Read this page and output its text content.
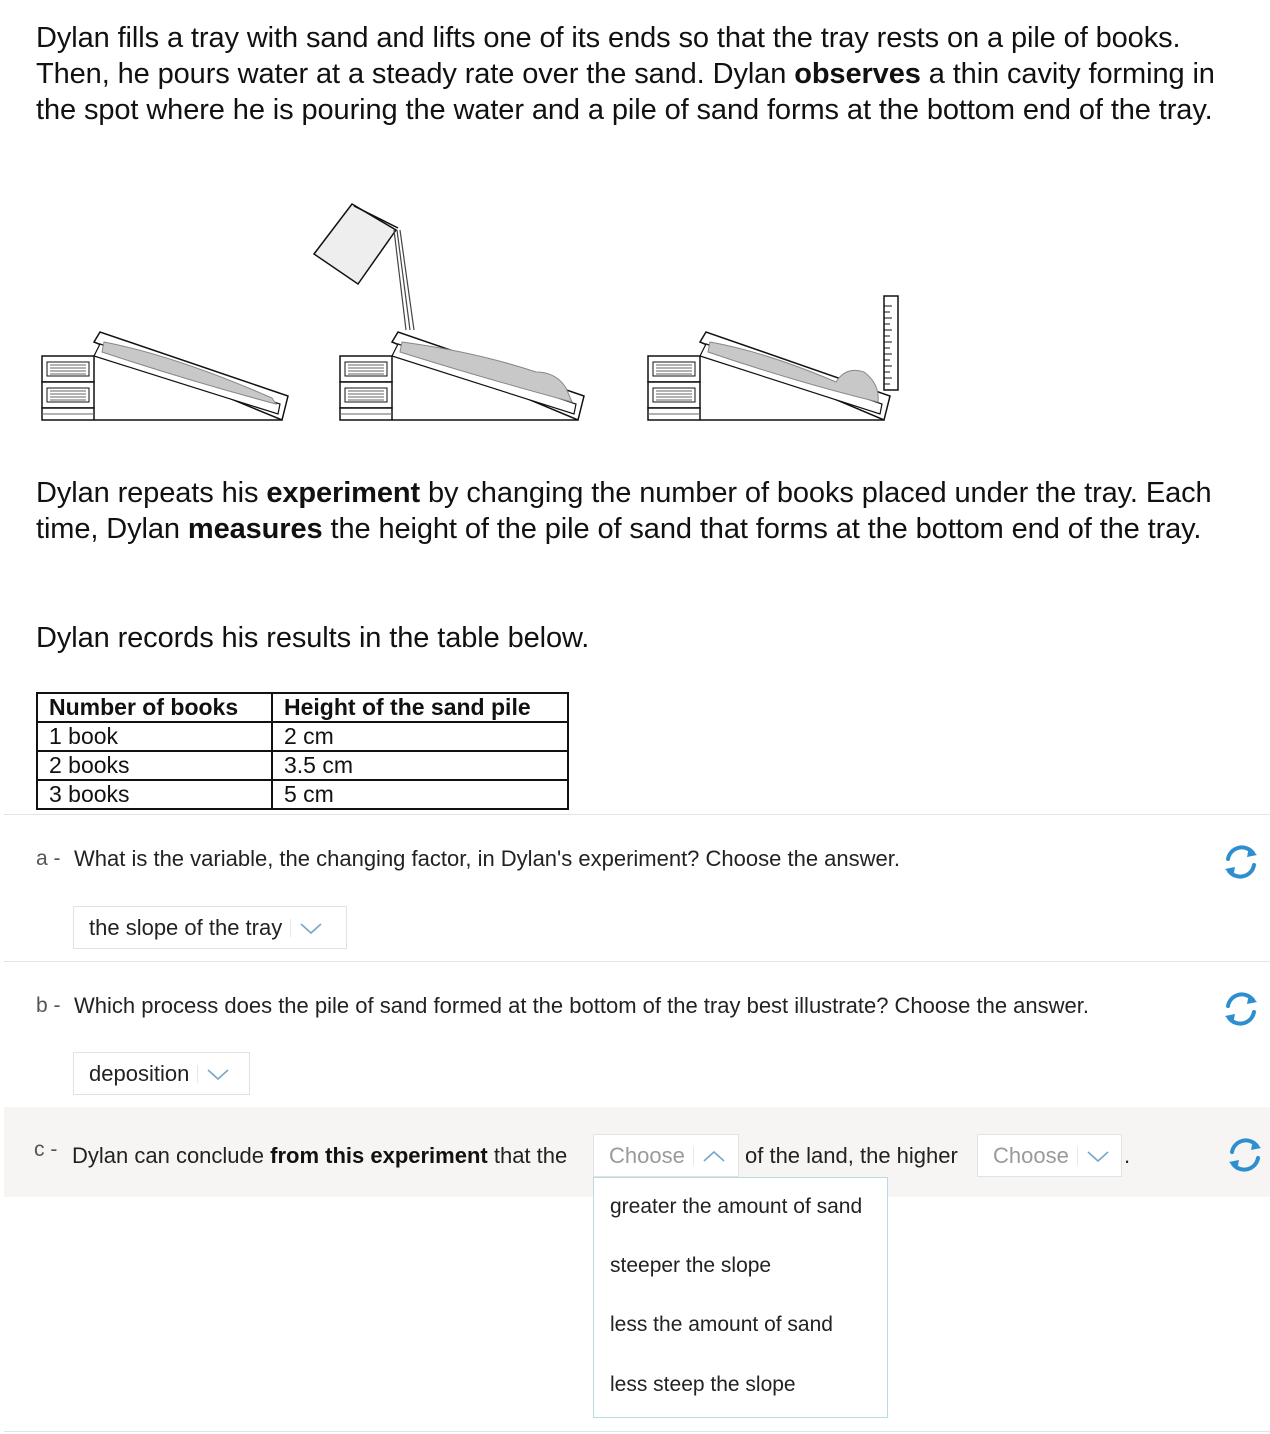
Dylan fills a tray with sand and lifts one of its ends so that the tray rests on a pile of books. Then, he pours water at a steady rate over the sand. Dylan observes a thin cavity forming in the spot where he is pouring the water and a pile of sand forms at the bottom end of the tray.
Dylan repeats his experiment by changing the number of books placed under the tray. Each time, Dylan measures the height of the pile of sand that forms at the bottom end of the tray.
Dylan records his results in the table below.
Number of books	Height of the sand pile
1 book	2 cm
2 books	3.5 cm
3 books	5 cm
a - What is the variable, the changing factor, in Dylan's experiment? Choose the answer.
the slope of the tray
b - Which process does the pile of sand formed at the bottom of the tray best illustrate? Choose the answer.
deposition
c - Dylan can conclude from this experiment that the	Choose	of the land, the higher	Choose	.
greater the amount of sand
steeper the slope
less the amount of sand
less steep the slope
